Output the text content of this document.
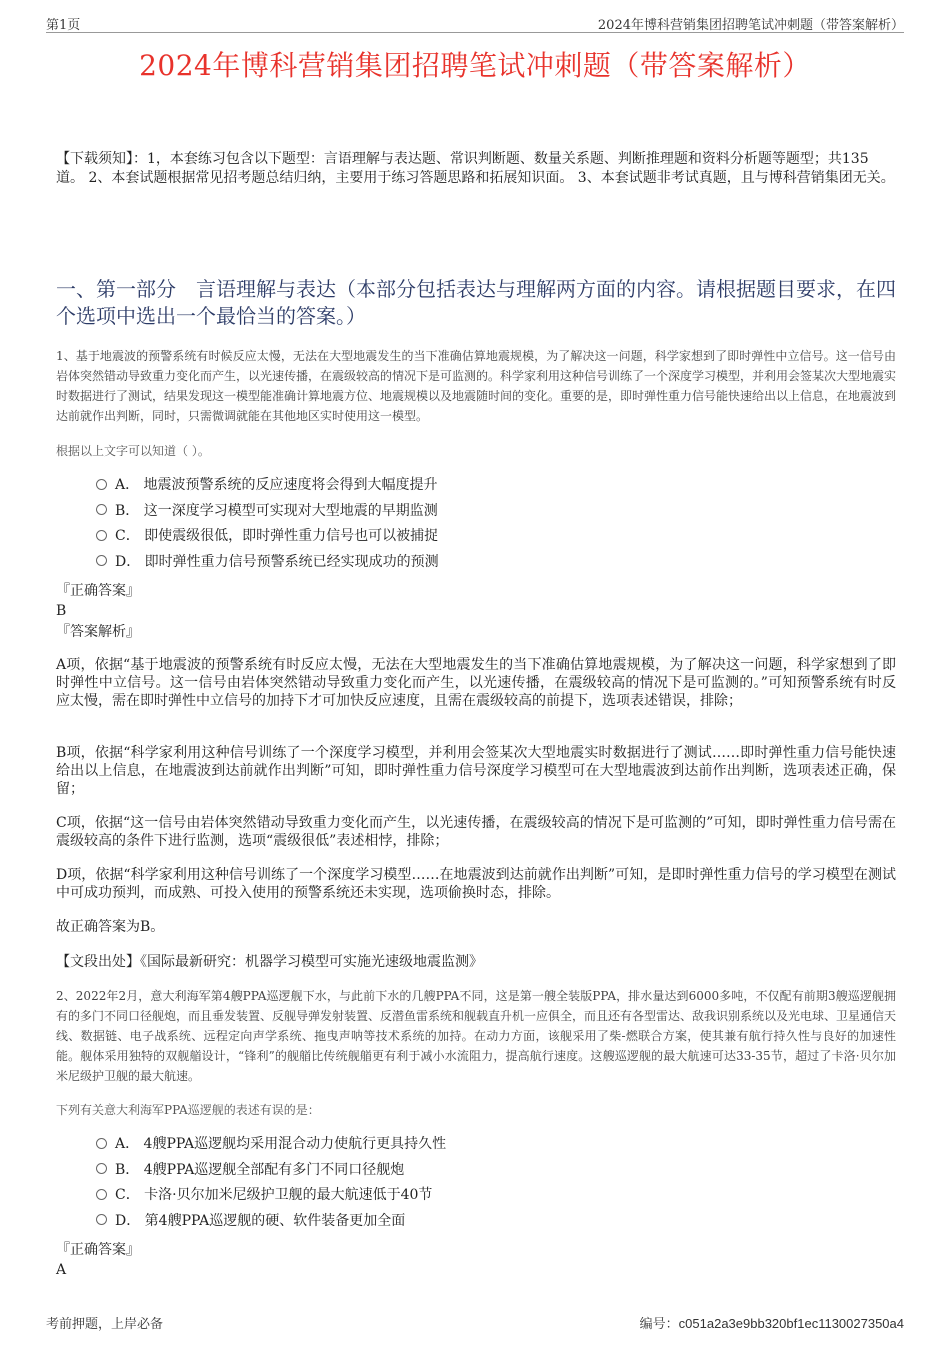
第1页	2024年博科营销集团招聘笔试冲刺题（带答案解析）
2024年博科营销集团招聘笔试冲刺题（带答案解析）
【下载须知】：1，本套练习包含以下题型：言语理解与表达题、常识判断题、数量关系题、判断推理题和资料分析题等题型；共135道。 2、本套试题根据常见招考题总结归纳，主要用于练习答题思路和拓展知识面。 3、本套试题非考试真题，且与博科营销集团无关。
一、第一部分　言语理解与表达（本部分包括表达与理解两方面的内容。请根据题目要求，在四个选项中选出一个最恰当的答案。）
1、基于地震波的预警系统有时候反应太慢，无法在大型地震发生的当下准确估算地震规模，为了解决这一问题，科学家想到了即时弹性中立信号。这一信号由岩体突然错动导致重力变化而产生，以光速传播，在震级较高的情况下是可监测的。科学家利用这种信号训练了一个深度学习模型，并利用会签某次大型地震实时数据进行了测试，结果发现这一模型能准确计算地震方位、地震规模以及地震随时间的变化。重要的是，即时弹性重力信号能快速给出以上信息，在地震波到达前就作出判断，同时，只需微调就能在其他地区实时使用这一模型。
根据以上文字可以知道（ ）。
A． 地震波预警系统的反应速度将会得到大幅度提升
B． 这一深度学习模型可实现对大型地震的早期监测
C． 即使震级很低，即时弹性重力信号也可以被捕捉
D． 即时弹性重力信号预警系统已经实现成功的预测
『正确答案』
B
『答案解析』
A项，依据“基于地震波的预警系统有时反应太慢，无法在大型地震发生的当下准确估算地震规模，为了解决这一问题，科学家想到了即时弹性中立信号。这一信号由岩体突然错动导致重力变化而产生，以光速传播，在震级较高的情况下是可监测的。”可知预警系统有时反应太慢，需在即时弹性中立信号的加持下才可加快反应速度，且需在震级较高的前提下，选项表述错误，排除；
B项，依据“科学家利用这种信号训练了一个深度学习模型，并利用会签某次大型地震实时数据进行了测试……即时弹性重力信号能快速给出以上信息，在地震波到达前就作出判断”可知，即时弹性重力信号深度学习模型可在大型地震波到达前作出判断，选项表述正确，保留；
C项，依据“这一信号由岩体突然错动导致重力变化而产生，以光速传播，在震级较高的情况下是可监测的”可知，即时弹性重力信号需在震级较高的条件下进行监测，选项“震级很低”表述相悖，排除；
D项，依据“科学家利用这种信号训练了一个深度学习模型……在地震波到达前就作出判断”可知，是即时弹性重力信号的学习模型在测试中可成功预判，而成熟、可投入使用的预警系统还未实现，选项偷换时态，排除。
故正确答案为B。
【文段出处】《国际最新研究：机器学习模型可实施光速级地震监测》
2、2022年2月，意大利海军第4艘PPA巡逻舰下水，与此前下水的几艘PPA不同，这是第一艘全装版PPA，排水量达到6000多吨，不仅配有前期3艘巡逻舰拥有的多门不同口径舰炮，而且垂发装置、反舰导弹发射装置、反潜鱼雷系统和舰载直升机一应俱全，而且还有各型雷达、敌我识别系统以及光电球、卫星通信天线、数据链、电子战系统、远程定向声学系统、拖曳声呐等技术系统的加持。在动力方面，该舰采用了柴-燃联合方案，使其兼有航行持久性与良好的加速性能。舰体采用独特的双舰艏设计，“锋利”的舰艏比传统舰艏更有利于减小水流阻力，提高航行速度。这艘巡逻舰的最大航速可达33-35节，超过了卡洛·贝尔加米尼级护卫舰的最大航速。
下列有关意大利海军PPA巡逻舰的表述有误的是：
A． 4艘PPA巡逻舰均采用混合动力使航行更具持久性
B． 4艘PPA巡逻舰全部配有多门不同口径舰炮
C． 卡洛·贝尔加米尼级护卫舰的最大航速低于40节
D． 第4艘PPA巡逻舰的硬、软件装备更加全面
『正确答案』
A
考前押题，上岸必备	编号：c051a2a3e9bb320bf1ec1130027350a4
